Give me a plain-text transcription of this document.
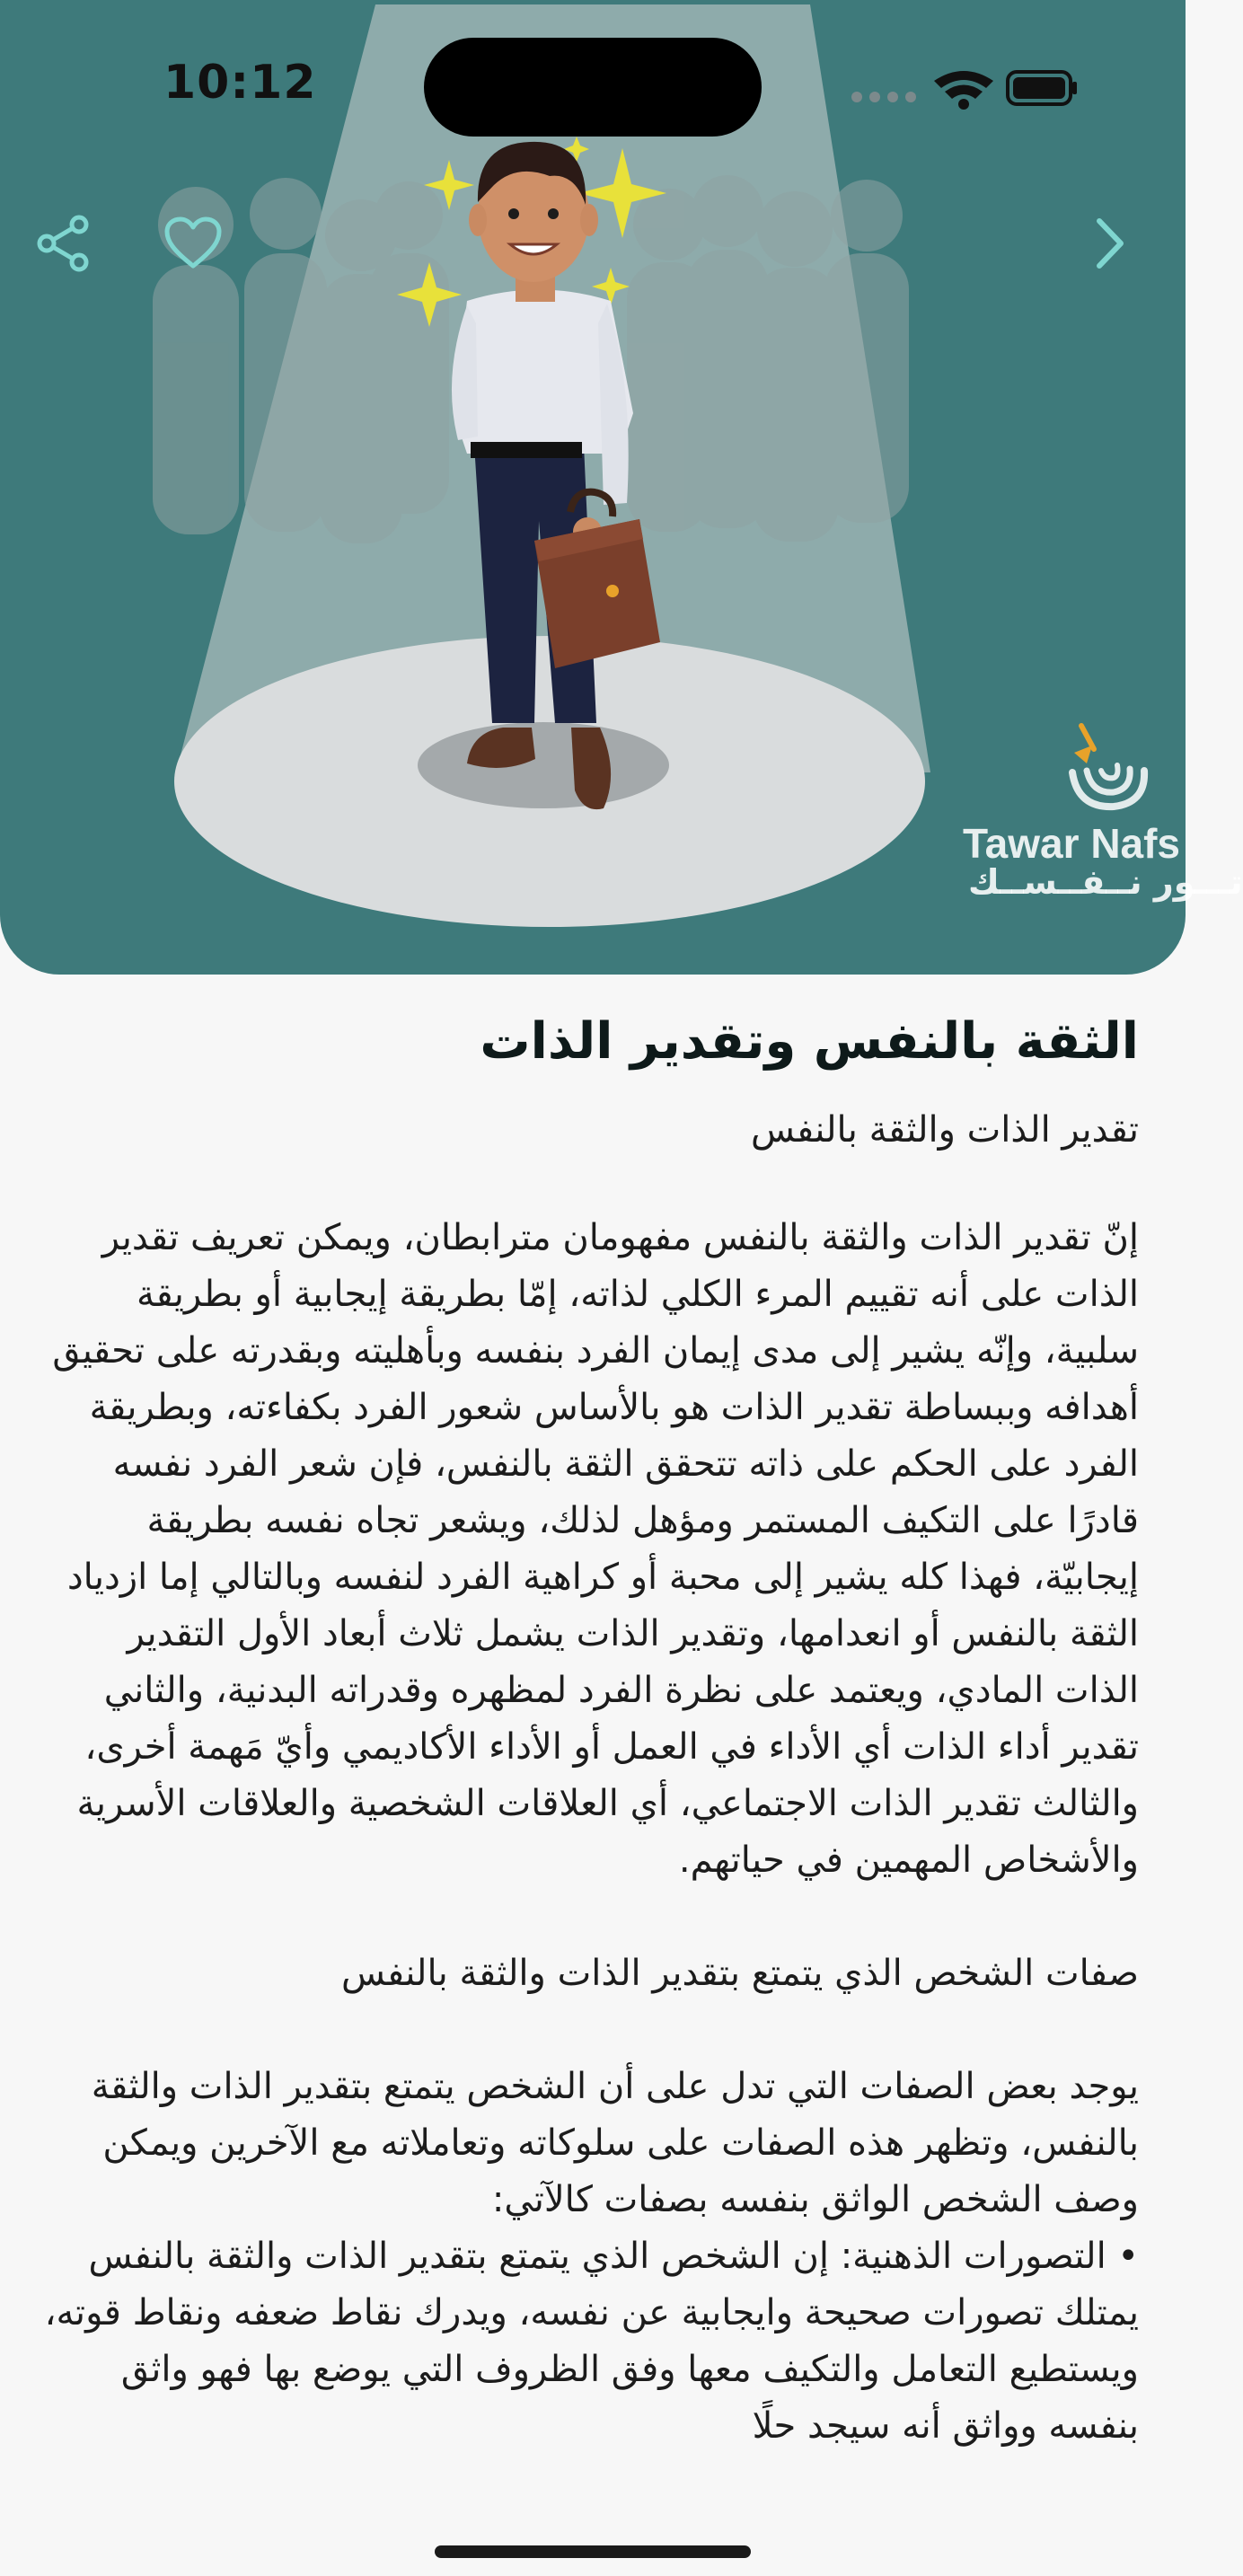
10:12
Tawar Nafs
تـــور نــفــســك
الثقة بالنفس وتقدير الذات
تقدير الذات والثقة بالنفس
إنّ تقدير الذات والثقة بالنفس مفهومان مترابطان، ويمكن تعريف تقدير الذات على أنه تقييم المرء الكلي لذاته، إمّا بطريقة إيجابية أو بطريقة سلبية، وإنّه يشير إلى مدى إيمان الفرد بنفسه وبأهليته وبقدرته على تحقيق أهدافه وببساطة تقدير الذات هو بالأساس شعور الفرد بكفاءته، وبطريقة الفرد على الحكم على ذاته تتحقق الثقة بالنفس، فإن شعر الفرد نفسه قادرًا على التكيف المستمر ومؤهل لذلك، ويشعر تجاه نفسه بطريقة إيجابيّة، فهذا كله يشير إلى محبة أو كراهية الفرد لنفسه وبالتالي إما ازدياد الثقة بالنفس أو انعدامها، وتقدير الذات يشمل ثلاث أبعاد الأول التقدير الذات المادي، ويعتمد على نظرة الفرد لمظهره وقدراته البدنية، والثاني تقدير أداء الذات أي الأداء في العمل أو الأداء الأكاديمي وأيّ مَهمة أخرى، والثالث تقدير الذات الاجتماعي، أي العلاقات الشخصية والعلاقات الأسرية والأشخاص المهمين في حياتهم.

صفات الشخص الذي يتمتع بتقدير الذات والثقة بالنفس

يوجد بعض الصفات التي تدل على أن الشخص يتمتع بتقدير الذات والثقة بالنفس، وتظهر هذه الصفات على سلوكاته وتعاملاته مع الآخرين ويمكن وصف الشخص الواثق بنفسه بصفات كالآتي:
• التصورات الذهنية: إن الشخص الذي يتمتع بتقدير الذات والثقة بالنفس يمتلك تصورات صحيحة وايجابية عن نفسه، ويدرك نقاط ضعفه ونقاط قوته، ويستطيع التعامل والتكيف معها وفق الظروف التي يوضع بها فهو واثق بنفسه وواثق أنه سيجد حلًا
